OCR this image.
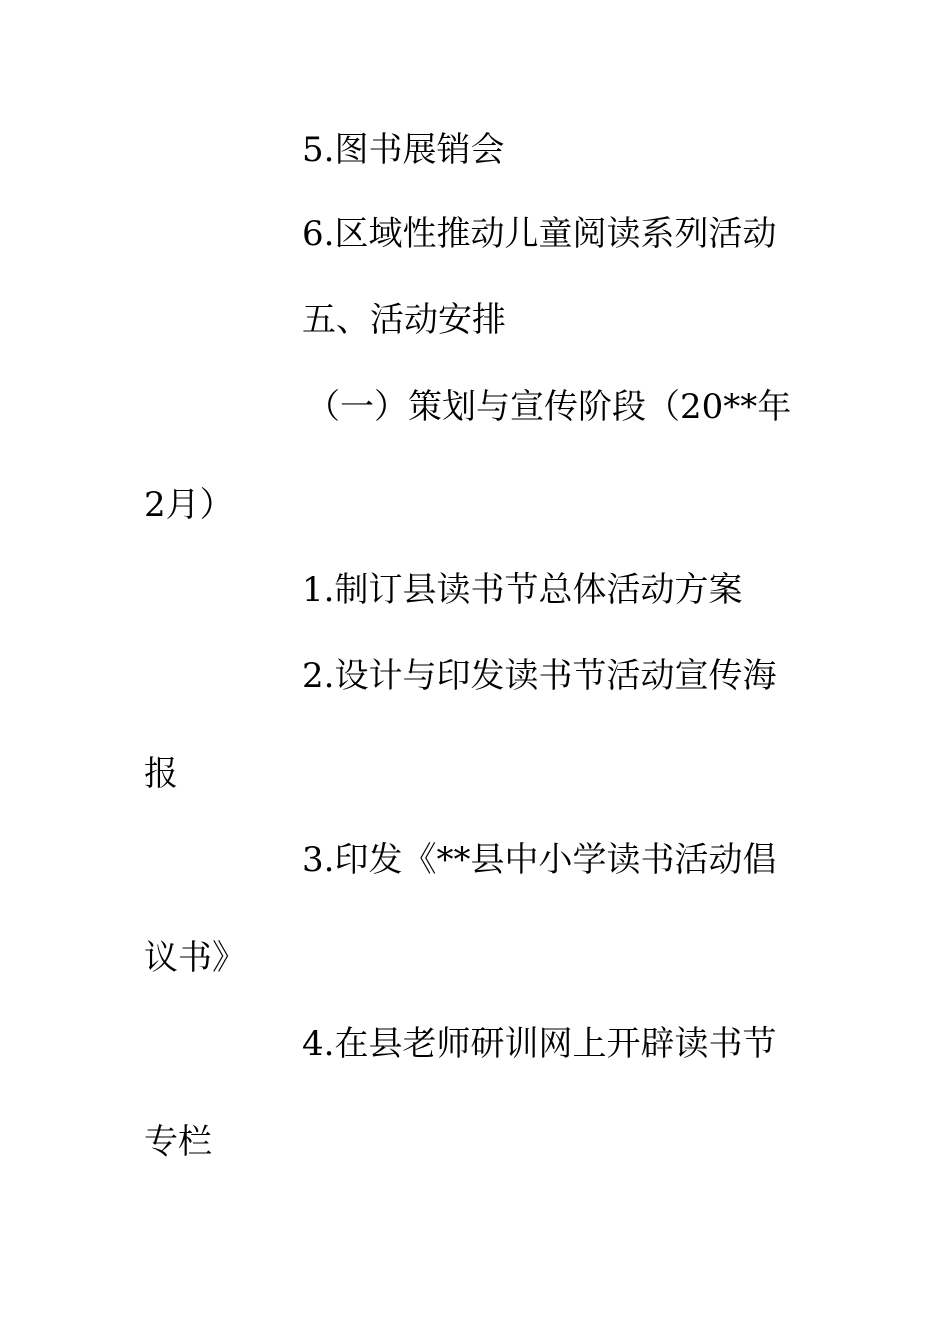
5.图书展销会
6.区域性推动儿童阅读系列活动
五、活动安排
（一）策划与宣传阶段（20**年
2月）
1.制订县读书节总体活动方案
2.设计与印发读书节活动宣传海
报
3.印发《**县中小学读书活动倡
议书》
4.在县老师研训网上开辟读书节
专栏
